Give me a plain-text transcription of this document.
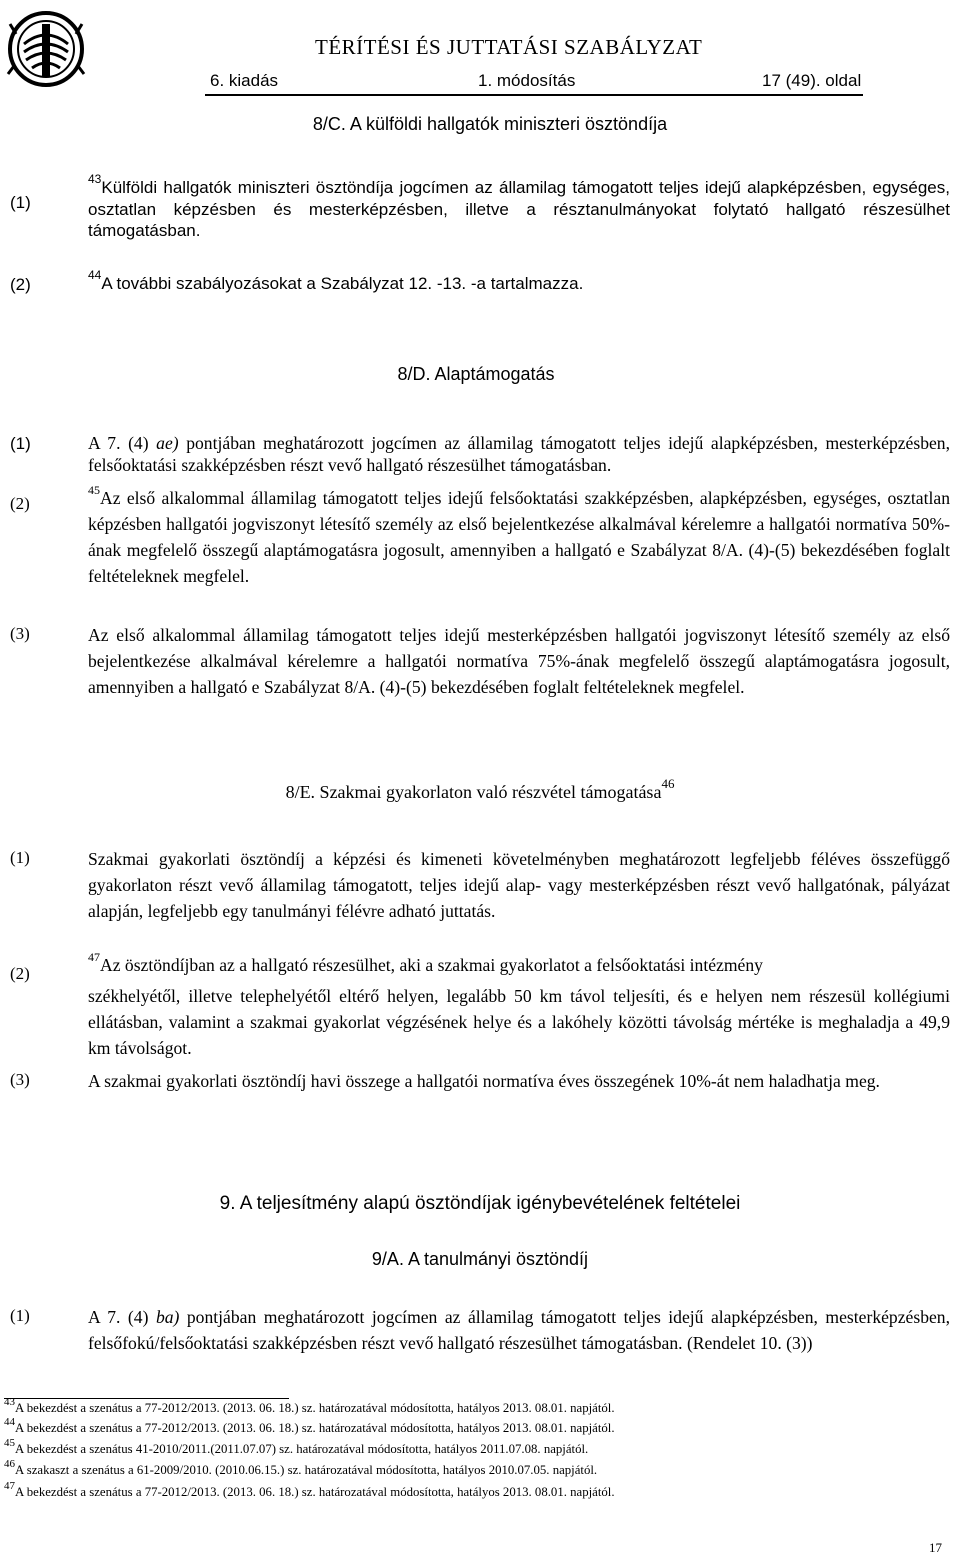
TÉRÍTÉSI ÉS JUTTATÁSI SZABÁLYZAT
6. kiadás	1. módosítás	17 (49). oldal
8/C. A külföldi hallgatók miniszteri ösztöndíja
(1)
$^{43}$Külföldi hallgatók miniszteri ösztöndíja jogcímen az államilag támogatott teljes idejű alapképzésben, egységes, osztatlan képzésben és mesterképzésben, illetve a résztanulmányokat folytató hallgató részesülhet támogatásban.
(2)	$^{44}$A további szabályozásokat a Szabályzat 12. -13. -a tartalmazza.
8/D. Alaptámogatás
(1)	A 7. (4) ae) pontjában meghatározott jogcímen az államilag támogatott teljes idejű alapképzésben, mesterképzésben, felsőoktatási szakképzésben részt vevő hallgató részesülhet támogatásban.
(2)
$^{45}$Az első alkalommal államilag támogatott teljes idejű felsőoktatási szakképzésben, alapképzésben, egységes, osztatlan képzésben hallgatói jogviszonyt létesítő személy az első bejelentkezése alkalmával kérelemre a hallgatói normatíva 50%-ának megfelelő összegű alaptámogatásra jogosult, amennyiben a hallgató e Szabályzat 8/A. (4)-(5) bekezdésében foglalt feltételeknek megfelel.
(3)	Az első alkalommal államilag támogatott teljes idejű mesterképzésben hallgatói jogviszonyt létesítő személy az első bejelentkezése alkalmával kérelemre a hallgatói normatíva 75%-ának megfelelő összegű alaptámogatásra jogosult, amennyiben a hallgató e Szabályzat 8/A. (4)-(5) bekezdésében foglalt feltételeknek megfelel.
8/E. Szakmai gyakorlaton való részvétel támogatása$^{46}$
(1)	Szakmai gyakorlati ösztöndíj a képzési és kimeneti követelményben meghatározott legfeljebb féléves összefüggő gyakorlaton részt vevő államilag támogatott, teljes idejű alap- vagy mesterképzésben részt vevő hallgatónak, pályázat alapján, legfeljebb egy tanulmányi félévre adható juttatás.
(2)
$^{47}$Az ösztöndíjban az a hallgató részesülhet, aki a szakmai gyakorlatot a felsőoktatási intézmény
székhelyétől, illetve telephelyétől eltérő helyen, legalább 50 km távol teljesíti, és e helyen nem részesül kollégiumi ellátásban, valamint a szakmai gyakorlat végzésének helye és a lakóhely közötti távolság mértéke is meghaladja a 49,9 km távolságot.
(3)	A szakmai gyakorlati ösztöndíj havi összege a hallgatói normatíva éves összegének 10%-át nem haladhatja meg.
9. A teljesítmény alapú ösztöndíjak igénybevételének feltételei
9/A. A tanulmányi ösztöndíj
(1)	A 7. (4) ba) pontjában meghatározott jogcímen az államilag támogatott teljes idejű alapképzésben, mesterképzésben, felsőfokú/felsőoktatási szakképzésben részt vevő hallgató részesülhet támogatásban. (Rendelet 10. (3))
$^{43}$A bekezdést a szenátus a 77-2012/2013. (2013. 06. 18.) sz. határozatával módosította, hatályos 2013. 08.01. napjától.
$^{44}$A bekezdést a szenátus a 77-2012/2013. (2013. 06. 18.) sz. határozatával módosította, hatályos 2013. 08.01. napjától.
$^{45}$A bekezdést a szenátus 41-2010/2011.(2011.07.07) sz. határozatával módosította, hatályos 2011.07.08. napjától.
$^{46}$A szakaszt a szenátus a 61-2009/2010. (2010.06.15.) sz. határozatával módosította, hatályos 2010.07.05. napjától.
$^{47}$A bekezdést a szenátus a 77-2012/2013. (2013. 06. 18.) sz. határozatával módosította, hatályos 2013. 08.01. napjától.
17
